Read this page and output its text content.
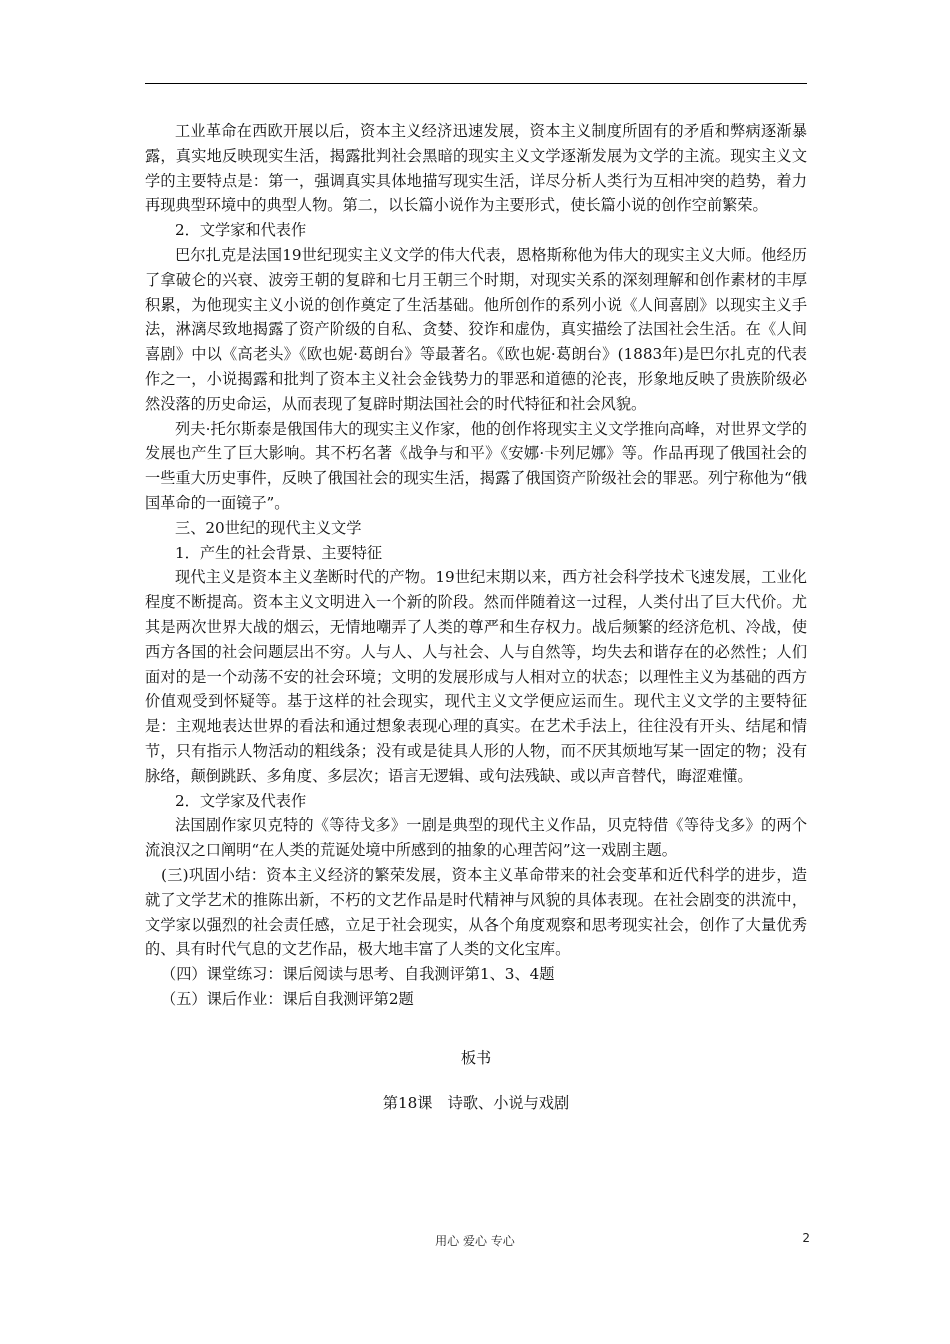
工业革命在西欧开展以后，资本主义经济迅速发展，资本主义制度所固有的矛盾和弊病逐渐暴露，真实地反映现实生活，揭露批判社会黑暗的现实主义文学逐渐发展为文学的主流。现实主义文学的主要特点是：第一，强调真实具体地描写现实生活，详尽分析人类行为互相冲突的趋势，着力再现典型环境中的典型人物。第二，以长篇小说作为主要形式，使长篇小说的创作空前繁荣。

2．文学家和代表作

巴尔扎克是法国19世纪现实主义文学的伟大代表，恩格斯称他为伟大的现实主义大师。他经历了拿破仑的兴衰、波旁王朝的复辟和七月王朝三个时期，对现实关系的深刻理解和创作素材的丰厚积累，为他现实主义小说的创作奠定了生活基础。他所创作的系列小说《人间喜剧》以现实主义手法，淋漓尽致地揭露了资产阶级的自私、贪婪、狡诈和虚伪，真实描绘了法国社会生活。在《人间喜剧》中以《高老头》《欧也妮·葛朗台》等最著名。《欧也妮·葛朗台》(1883年)是巴尔扎克的代表作之一，小说揭露和批判了资本主义社会金钱势力的罪恶和道德的沦丧，形象地反映了贵族阶级必然没落的历史命运，从而表现了复辟时期法国社会的时代特征和社会风貌。

列夫·托尔斯泰是俄国伟大的现实主义作家，他的创作将现实主义文学推向高峰，对世界文学的发展也产生了巨大影响。其不朽名著《战争与和平》《安娜·卡列尼娜》等。作品再现了俄国社会的一些重大历史事件，反映了俄国社会的现实生活，揭露了俄国资产阶级社会的罪恶。列宁称他为“俄国革命的一面镜子”。

三、20世纪的现代主义文学

1．产生的社会背景、主要特征

现代主义是资本主义垄断时代的产物。19世纪末期以来，西方社会科学技术飞速发展，工业化程度不断提高。资本主义文明进入一个新的阶段。然而伴随着这一过程，人类付出了巨大代价。尤其是两次世界大战的烟云，无情地嘲弄了人类的尊严和生存权力。战后频繁的经济危机、冷战，使西方各国的社会问题层出不穷。人与人、人与社会、人与自然等，均失去和谐存在的必然性；人们面对的是一个动荡不安的社会环境；文明的发展形成与人相对立的状态；以理性主义为基础的西方价值观受到怀疑等。基于这样的社会现实，现代主义文学便应运而生。现代主义文学的主要特征是：主观地表达世界的看法和通过想象表现心理的真实。在艺术手法上，往往没有开头、结尾和情节，只有指示人物活动的粗线条；没有或是徒具人形的人物，而不厌其烦地写某一固定的物；没有脉络，颠倒跳跃、多角度、多层次；语言无逻辑、或句法残缺、或以声音替代，晦涩难懂。

2．文学家及代表作

法国剧作家贝克特的《等待戈多》一剧是典型的现代主义作品，贝克特借《等待戈多》的两个流浪汉之口阐明“在人类的荒诞处境中所感到的抽象的心理苦闷”这一戏剧主题。

(三)巩固小结：资本主义经济的繁荣发展，资本主义革命带来的社会变革和近代科学的进步，造就了文学艺术的推陈出新，不朽的文艺作品是时代精神与风貌的具体表现。在社会剧变的洪流中，文学家以强烈的社会责任感，立足于社会现实，从各个角度观察和思考现实社会，创作了大量优秀的、具有时代气息的文艺作品，极大地丰富了人类的文化宝库。

（四）课堂练习：课后阅读与思考、自我测评第1、3、4题

（五）课后作业：课后自我测评第2题

板书

第18课　诗歌、小说与戏剧

用心 爱心 专心	2
